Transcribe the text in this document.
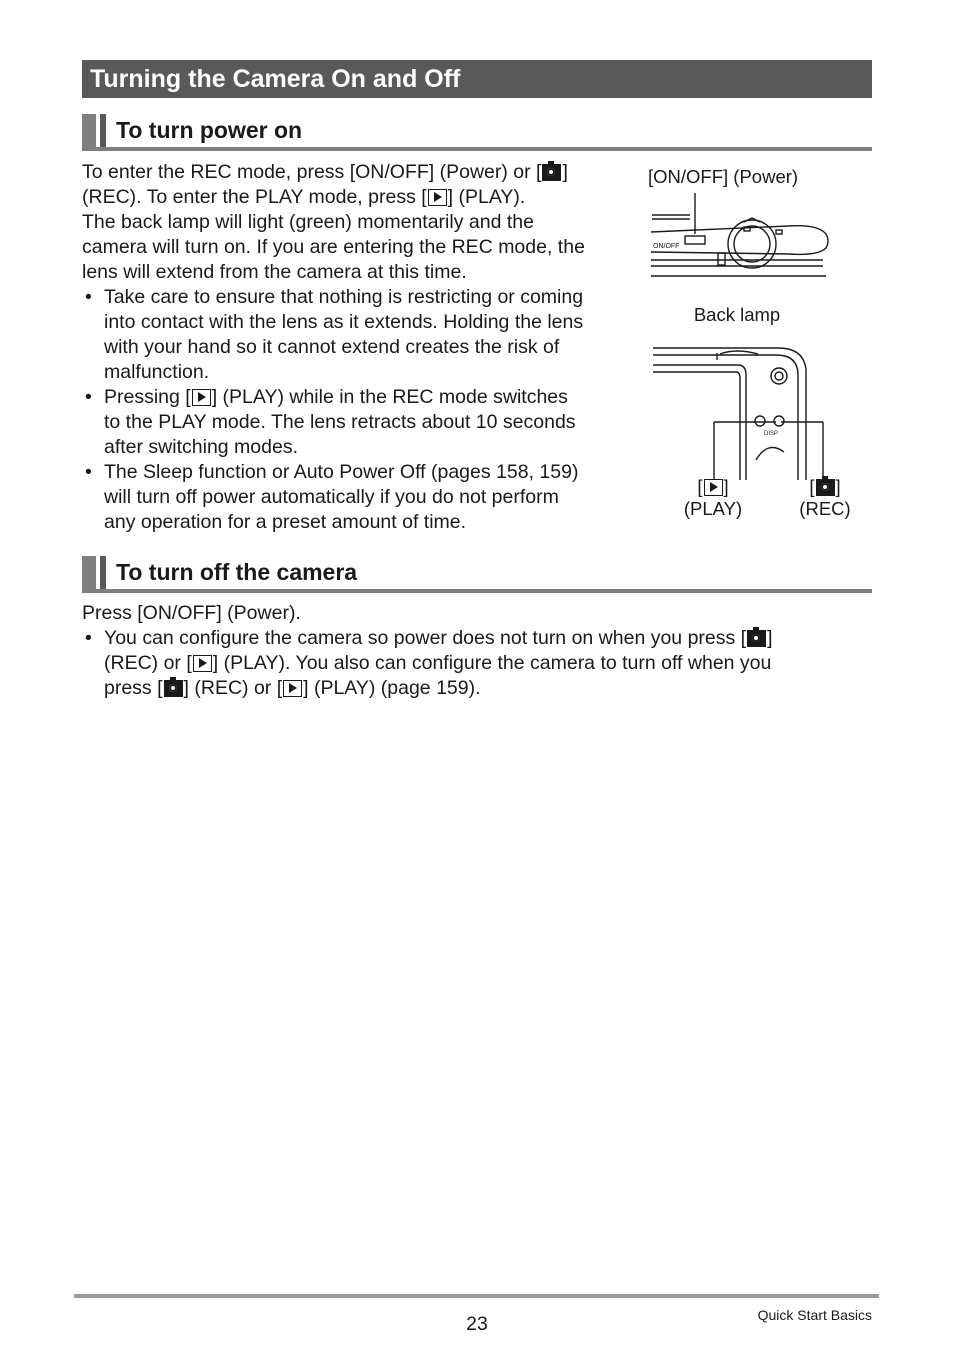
Turning the Camera On and Off
To turn power on
To enter the REC mode, press [ON/OFF] (Power) or [ ]
(REC). To enter the PLAY mode, press [ ] (PLAY).
The back lamp will light (green) momentarily and the
camera will turn on. If you are entering the REC mode, the
lens will extend from the camera at this time.
• Take care to ensure that nothing is restricting or coming
into contact with the lens as it extends. Holding the lens
with your hand so it cannot extend creates the risk of
malfunction.
• Pressing [ ] (PLAY) while in the REC mode switches
to the PLAY mode. The lens retracts about 10 seconds
after switching modes.
• The Sleep function or Auto Power Off (pages 158, 159)
will turn off power automatically if you do not perform
any operation for a preset amount of time.
[ON/OFF] (Power)
Back lamp
ON/OFF
DISP
[ ]
(PLAY)
[ ]
(REC)
To turn off the camera
Press [ON/OFF] (Power).
• You can configure the camera so power does not turn on when you press [ ]
(REC) or [ ] (PLAY). You also can configure the camera to turn off when you
press [ ] (REC) or [ ] (PLAY) (page 159).
23	Quick Start Basics
